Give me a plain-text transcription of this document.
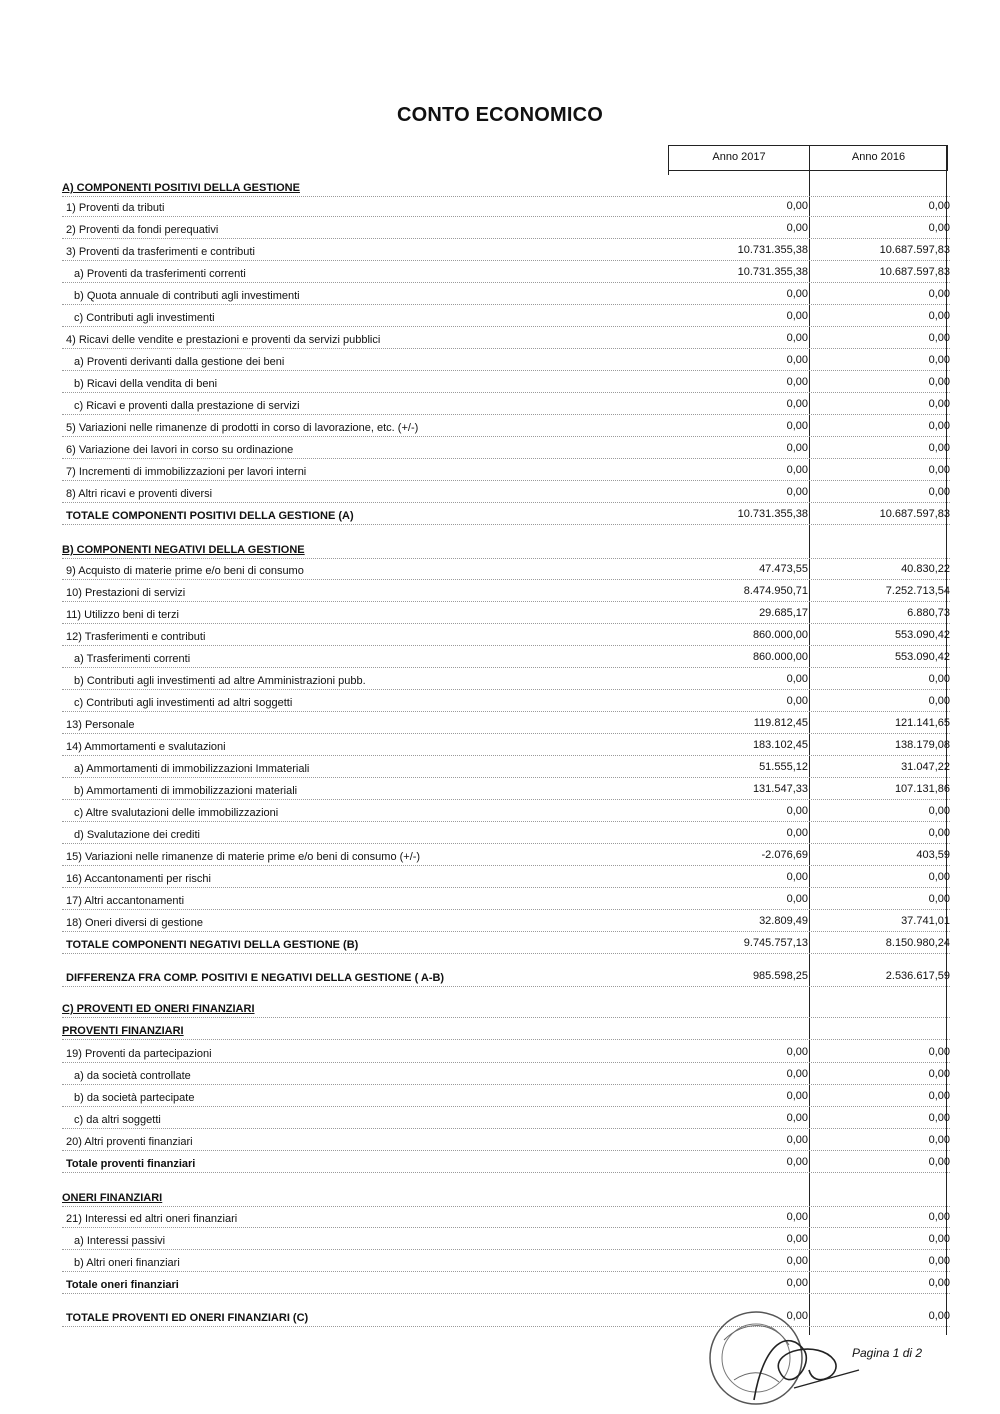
CONTO ECONOMICO
Anno 2017	Anno 2016
A) COMPONENTI POSITIVI DELLA GESTIONE
1) Proventi da tributi	0,00	0,00
2) Proventi da fondi perequativi	0,00	0,00
3) Proventi da trasferimenti e contributi	10.731.355,38	10.687.597,83
a) Proventi da trasferimenti correnti	10.731.355,38	10.687.597,83
b) Quota annuale di contributi agli investimenti	0,00	0,00
c) Contributi agli investimenti	0,00	0,00
4) Ricavi delle vendite e prestazioni e proventi da servizi pubblici	0,00	0,00
a) Proventi derivanti dalla gestione dei beni	0,00	0,00
b) Ricavi della vendita di beni	0,00	0,00
c) Ricavi e proventi dalla prestazione di servizi	0,00	0,00
5) Variazioni nelle rimanenze di prodotti in corso di lavorazione, etc. (+/-)	0,00	0,00
6) Variazione dei lavori in corso su ordinazione	0,00	0,00
7) Incrementi di immobilizzazioni per lavori interni	0,00	0,00
8) Altri ricavi e proventi diversi	0,00	0,00
TOTALE COMPONENTI POSITIVI DELLA GESTIONE (A)	10.731.355,38	10.687.597,83
B) COMPONENTI NEGATIVI DELLA GESTIONE
9) Acquisto di materie prime e/o beni di consumo	47.473,55	40.830,22
10) Prestazioni di servizi	8.474.950,71	7.252.713,54
11) Utilizzo beni di terzi	29.685,17	6.880,73
12) Trasferimenti e contributi	860.000,00	553.090,42
a) Trasferimenti correnti	860.000,00	553.090,42
b) Contributi agli investimenti ad altre Amministrazioni pubb.	0,00	0,00
c) Contributi agli investimenti ad altri soggetti	0,00	0,00
13) Personale	119.812,45	121.141,65
14) Ammortamenti e svalutazioni	183.102,45	138.179,08
a) Ammortamenti di immobilizzazioni Immateriali	51.555,12	31.047,22
b) Ammortamenti di immobilizzazioni materiali	131.547,33	107.131,86
c) Altre svalutazioni delle immobilizzazioni	0,00	0,00
d) Svalutazione dei crediti	0,00	0,00
15) Variazioni nelle rimanenze di materie prime e/o beni di consumo (+/-)	-2.076,69	403,59
16) Accantonamenti per rischi	0,00	0,00
17) Altri accantonamenti	0,00	0,00
18) Oneri diversi di gestione	32.809,49	37.741,01
TOTALE COMPONENTI NEGATIVI DELLA GESTIONE (B)	9.745.757,13	8.150.980,24
DIFFERENZA FRA COMP. POSITIVI E NEGATIVI DELLA GESTIONE ( A-B)	985.598,25	2.536.617,59
C) PROVENTI ED ONERI FINANZIARI
PROVENTI FINANZIARI
19) Proventi da partecipazioni	0,00	0,00
a) da società controllate	0,00	0,00
b) da società partecipate	0,00	0,00
c) da altri soggetti	0,00	0,00
20) Altri proventi finanziari	0,00	0,00
Totale proventi finanziari	0,00	0,00
ONERI FINANZIARI
21) Interessi ed altri oneri finanziari	0,00	0,00
a) Interessi passivi	0,00	0,00
b) Altri oneri finanziari	0,00	0,00
Totale oneri finanziari	0,00	0,00
TOTALE PROVENTI ED ONERI FINANZIARI (C)	0,00	0,00
Pagina 1 di 2
